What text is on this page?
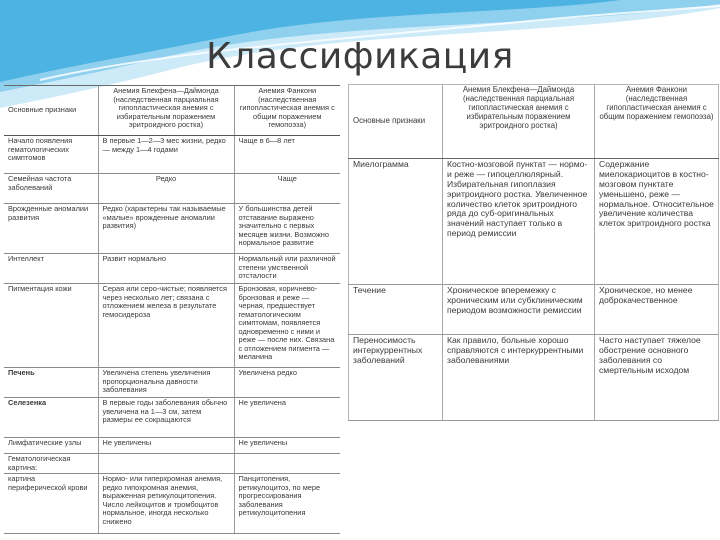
Классификация
Основные признаки	Анемия Блекфена—Даймонда (наследственная парциальная гипопластическая анемия с избирательным поражением эритроидного ростка)	Анемия Фанкони (наследственная гипопластическая анемия с общим поражением гемопоэза)
Начало появления гематологических симптомов	В первые 1—2—3 мес жизни, редко — между 1—4 годами	Чаще в 6—8 лет
Семейная частота заболеваний	Редко	Чаще
Врожденные аномалии развития	Редко (характерны так называемые «малые» врожденные аномалии развития)	У большинства детей отставание выражено значительно с первых месяцев жизни. Возможно нормальное развитие
Интеллект	Развит нормально	Нормальный или различной степени умственной отсталости
Пигментация кожи	Серая или серо-чистые; появляется через несколько лет; связана с отложением железа в результате гемосидероза	Бронзовая, коричнево-бронзовая и реже — черная, предшествует гематологическим симптомам, появляется одновременно с ними и реже — после них. Связана с отложением пигмента — меланина
Печень	Увеличена степень увеличения пропорциональна давности заболевания	Увеличена редко
Селезенка	В первые годы заболевания обычно увеличена на 1—3 см, затем размеры ее сокращаются	Не увеличена
Лимфатические узлы	Не увеличены	Не увеличены
Гематологическая картина:		
картина периферической крови	Нормо- или гиперхромная анемия, редко гипохромная анемия, выраженная ретикулоцитопения. Число лейкоцитов и тромбоцитов нормальное, иногда несколько снижено	Панцитопения, ретикулоцитоз, по мере прогрессирования заболевания ретикулоцитопения
Основные признаки	Анемия Блекфена—Даймонда (наследственная парциальная гипопластическая анемия с избирательным поражением эритроидного ростка)	Анемия Фанкони (наследственная гипопластическая анемия с общим поражением гемопоэза)
Миелограмма	Костно-мозговой пунктат — нормо- и реже — гипоцеллюлярный. Избирательная гипоплазия эритроидного ростка. Увеличенное количество клеток эритроидного ряда до суб-оригинальных значений наступает только в период ремиссии	Содержание миелокариоцитов в костно-мозговом пунктате уменьшено, реже — нормальное. Относительное увеличение количества клеток эритроидного ростка
Течение	Хроническое вперемежку с хроническим или субклиническим периодом возможности ремиссии	Хроническое, но менее доброкачественное
Переносимость интеркуррентных заболеваний	Как правило, больные хорошо справляются с интеркуррентными заболеваниями	Часто наступает тяжелое обострение основного заболевания со смертельным исходом
